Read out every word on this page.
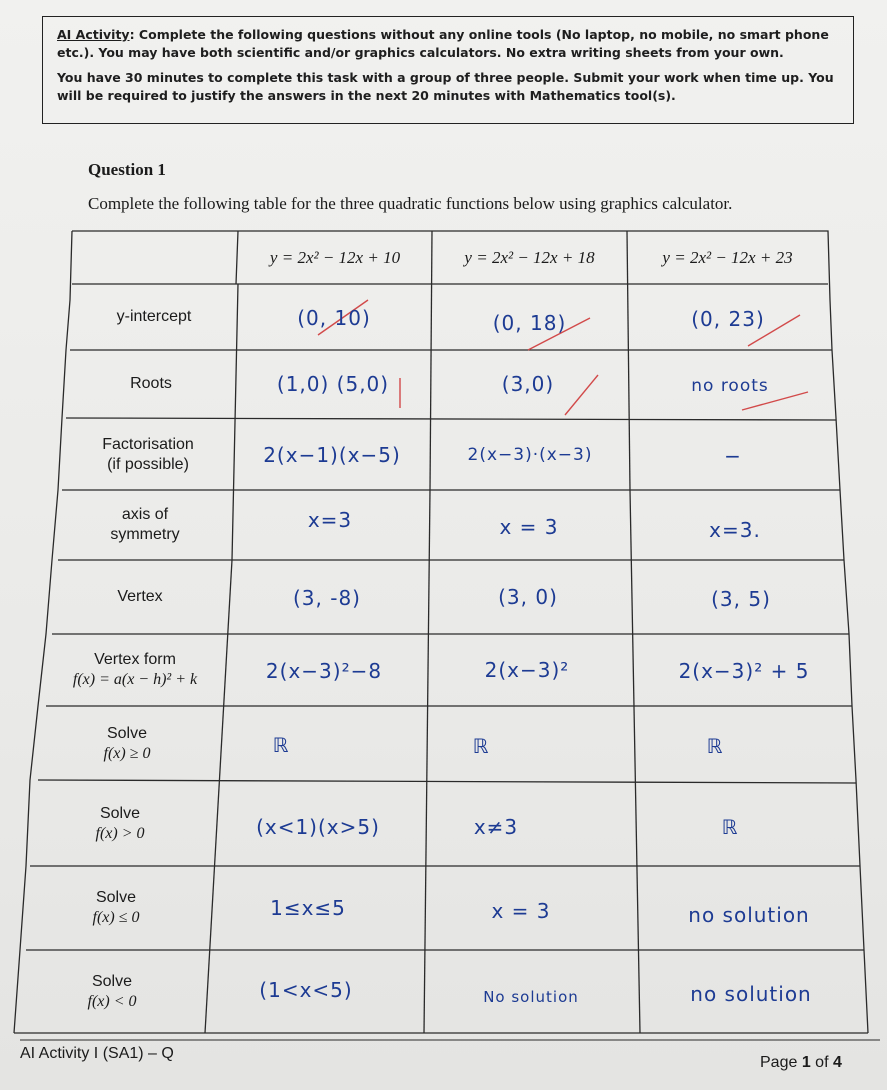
AI Activity: Complete the following questions without any online tools (No laptop, no mobile, no smart phone etc.). You may have both scientific and/or graphics calculators. No extra writing sheets from your own.

You have 30 minutes to complete this task with a group of three people. Submit your work when time up. You will be required to justify the answers in the next 20 minutes with Mathematics tool(s).

Question 1
Complete the following table for the three quadratic functions below using graphics calculator.
y = 2x² − 12x + 10	y = 2x² − 12x + 18	y = 2x² − 12x + 23
y-intercept
Roots
Factorisation
(if possible)
axis of
symmetry
Vertex
Vertex form
f(x) = a(x − h)² + k
Solve
f(x) ≥ 0
Solve
f(x) > 0
Solve
f(x) ≤ 0
Solve
f(x) < 0
(0, 10)
(1,0) (5,0)
2(x−1)(x−5)
x=3
(3, -8)
2(x−3)²−8
ℝ
(x<1)(x>5)
1≤x≤5
(1<x<5)
(0, 18)
(3,0)
2(x−3)·(x−3)
x = 3
(3, 0)
2(x−3)²
ℝ
x≠3
x = 3
No solution
(0, 23)
no roots
−
x=3.
(3, 5)
2(x−3)² + 5
ℝ
ℝ
no solution
no solution
AI Activity I (SA1) – Q
Page 1 of 4
